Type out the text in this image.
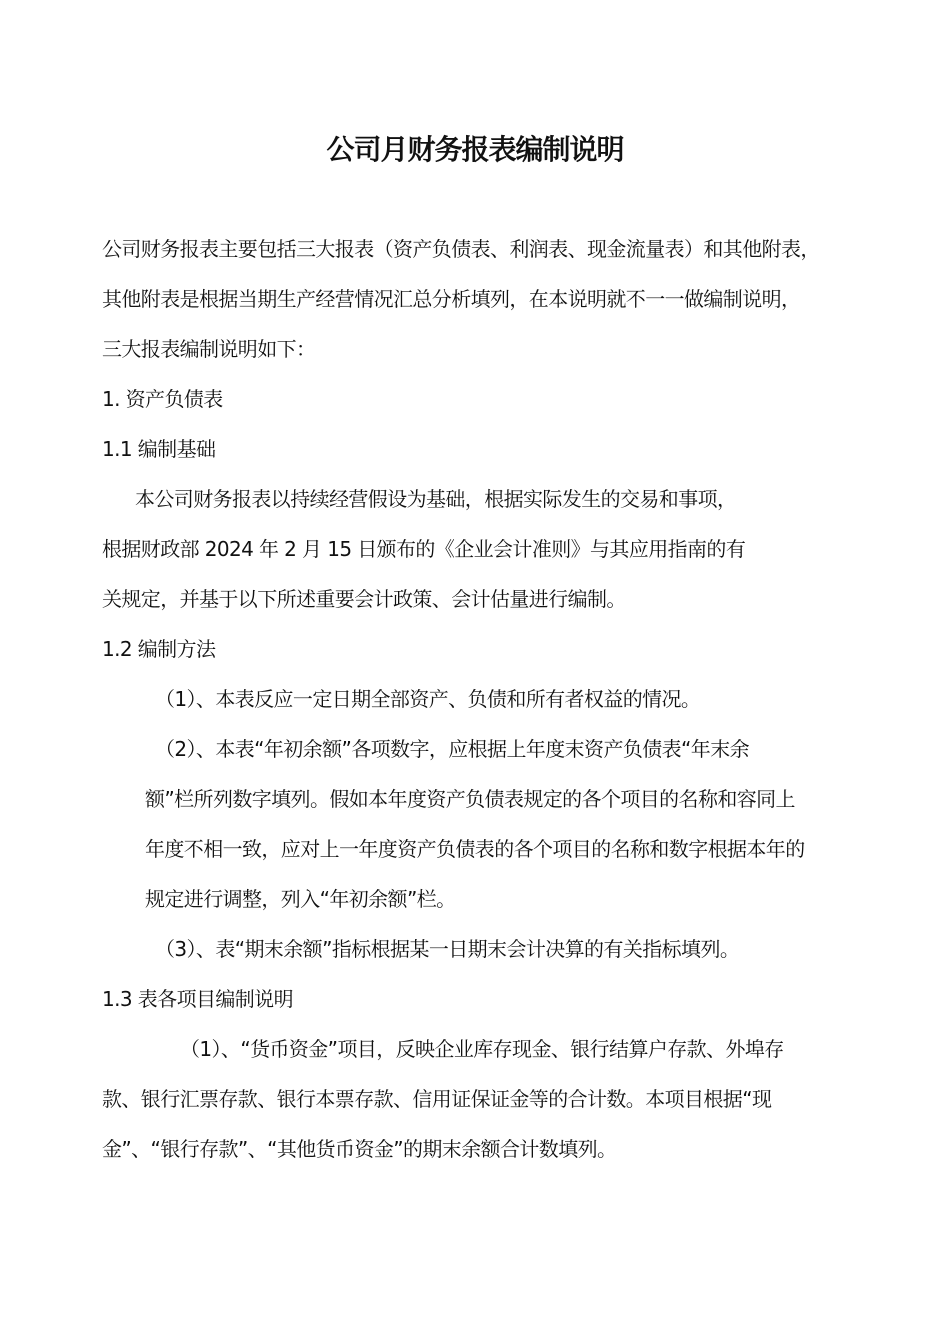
公司月财务报表编制说明

公司财务报表主要包括三大报表（资产负债表、利润表、现金流量表）和其他附表，

其他附表是根据当期生产经营情况汇总分析填列，在本说明就不一一做编制说明，

三大报表编制说明如下：

1. 资产负债表

1.1 编制基础

本公司财务报表以持续经营假设为基础，根据实际发生的交易和事项，

根据财政部 2024 年 2 月 15 日颁布的《企业会计准则》与其应用指南的有

关规定，并基于以下所述重要会计政策、会计估量进行编制。

1.2 编制方法

（1）、本表反应一定日期全部资产、负债和所有者权益的情况。

（2）、本表“年初余额”各项数字，应根据上年度末资产负债表“年末余

额”栏所列数字填列。假如本年度资产负债表规定的各个项目的名称和容同上

年度不相一致，应对上一年度资产负债表的各个项目的名称和数字根据本年的

规定进行调整，列入“年初余额”栏。

（3）、表“期末余额”指标根据某一日期末会计决算的有关指标填列。

1.3 表各项目编制说明

（1）、“货币资金”项目，反映企业库存现金、银行结算户存款、外埠存

款、银行汇票存款、银行本票存款、信用证保证金等的合计数。本项目根据“现

金”、“银行存款”、“其他货币资金”的期末余额合计数填列。
